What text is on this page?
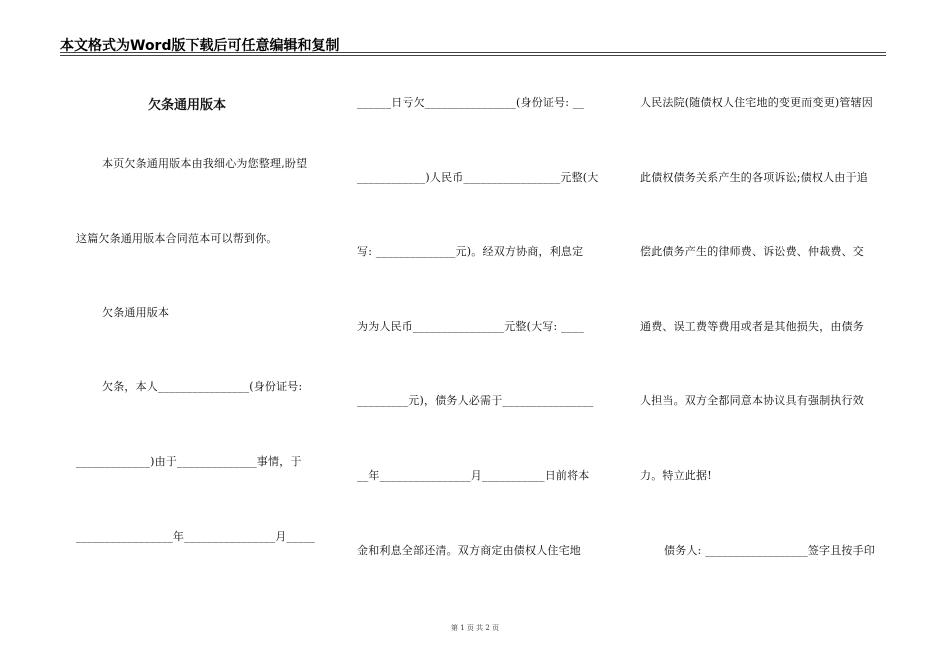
本文格式为Word版下载后可任意编辑和复制
欠条通用版本
本页欠条通用版本由我细心为您整理,盼望
这篇欠条通用版本合同范本可以帮到你。
欠条通用版本
欠条，本人________________(身份证号:
_____________)由于______________事情，于
_________________年________________月_____
______日亏欠________________(身份证号: __
____________)人民币_________________元整(大
写: ______________元)。经双方协商，利息定
为为人民币________________元整(大写: ____
_________元)，债务人必需于________________
__年________________月___________日前将本
金和利息全部还清。双方商定由债权人住宅地
人民法院(随债权人住宅地的变更而变更)管辖因
此债权债务关系产生的各项诉讼;债权人由于追
偿此债务产生的律师费、诉讼费、仲裁费、交
通费、误工费等费用或者是其他损失，由债务
人担当。双方全都同意本协议具有强制执行效
力。特立此据!
债务人: __________________签字且按手印
第 1 页 共 2 页
